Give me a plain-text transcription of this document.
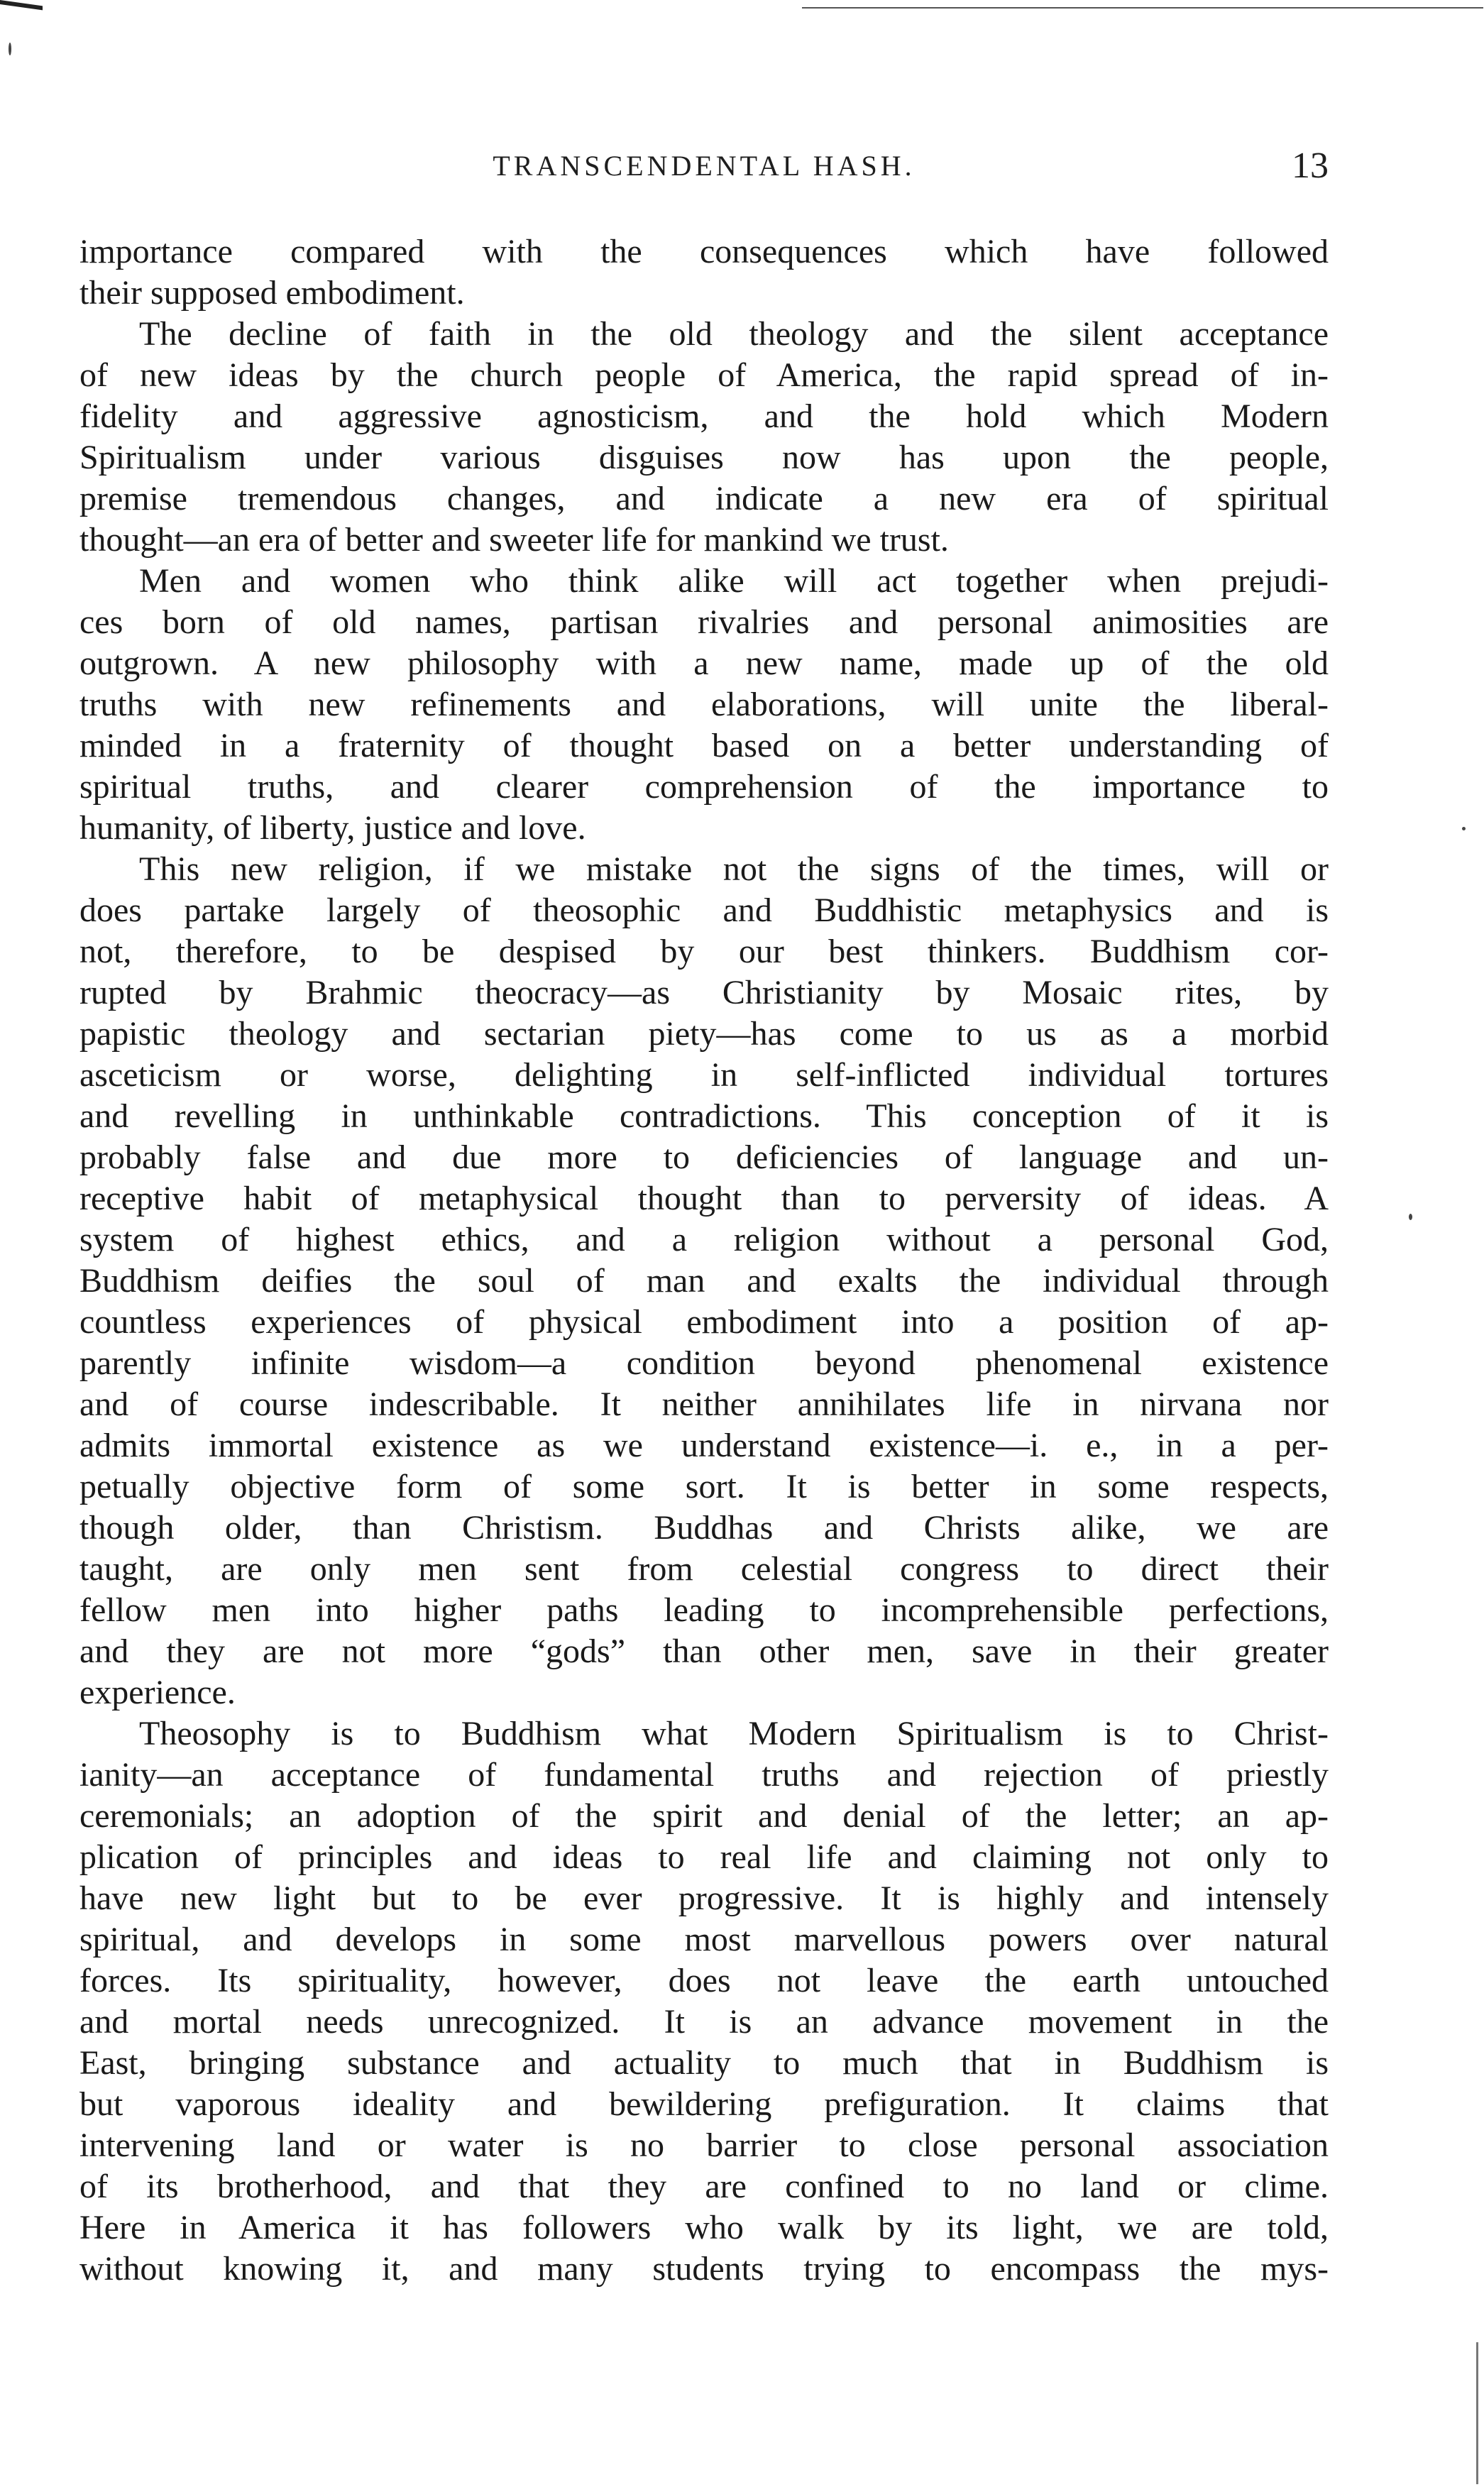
TRANSCENDENTAL HASH.	13
importance compared with the consequences which have followed
their supposed embodiment.
The decline of faith in the old theology and the silent acceptance
of new ideas by the church people of America, the rapid spread of in-
fidelity and aggressive agnosticism, and the hold which Modern
Spiritualism under various disguises now has upon the people,
premise tremendous changes, and indicate a new era of spiritual
thought—an era of better and sweeter life for mankind we trust.
Men and women who think alike will act together when prejudi-
ces born of old names, partisan rivalries and personal animosities are
outgrown. A new philosophy with a new name, made up of the old
truths with new refinements and elaborations, will unite the liberal-
minded in a fraternity of thought based on a better understanding of
spiritual truths, and clearer comprehension of the importance to
humanity, of liberty, justice and love.
This new religion, if we mistake not the signs of the times, will or
does partake largely of theosophic and Buddhistic metaphysics and is
not, therefore, to be despised by our best thinkers. Buddhism cor-
rupted by Brahmic theocracy—as Christianity by Mosaic rites, by
papistic theology and sectarian piety—has come to us as a morbid
asceticism or worse, delighting in self-inflicted individual tortures
and revelling in unthinkable contradictions. This conception of it is
probably false and due more to deficiencies of language and un-
receptive habit of metaphysical thought than to perversity of ideas. A
system of highest ethics, and a religion without a personal God,
Buddhism deifies the soul of man and exalts the individual through
countless experiences of physical embodiment into a position of ap-
parently infinite wisdom—a condition beyond phenomenal existence
and of course indescribable. It neither annihilates life in nirvana nor
admits immortal existence as we understand existence—i. e., in a per-
petually objective form of some sort. It is better in some respects,
though older, than Christism. Buddhas and Christs alike, we are
taught, are only men sent from celestial congress to direct their
fellow men into higher paths leading to incomprehensible perfections,
and they are not more “gods” than other men, save in their greater
experience.
Theosophy is to Buddhism what Modern Spiritualism is to Christ-
ianity—an acceptance of fundamental truths and rejection of priestly
ceremonials; an adoption of the spirit and denial of the letter; an ap-
plication of principles and ideas to real life and claiming not only to
have new light but to be ever progressive. It is highly and intensely
spiritual, and develops in some most marvellous powers over natural
forces. Its spirituality, however, does not leave the earth untouched
and mortal needs unrecognized. It is an advance movement in the
East, bringing substance and actuality to much that in Buddhism is
but vaporous ideality and bewildering prefiguration. It claims that
intervening land or water is no barrier to close personal association
of its brotherhood, and that they are confined to no land or clime.
Here in America it has followers who walk by its light, we are told,
without knowing it, and many students trying to encompass the mys-
